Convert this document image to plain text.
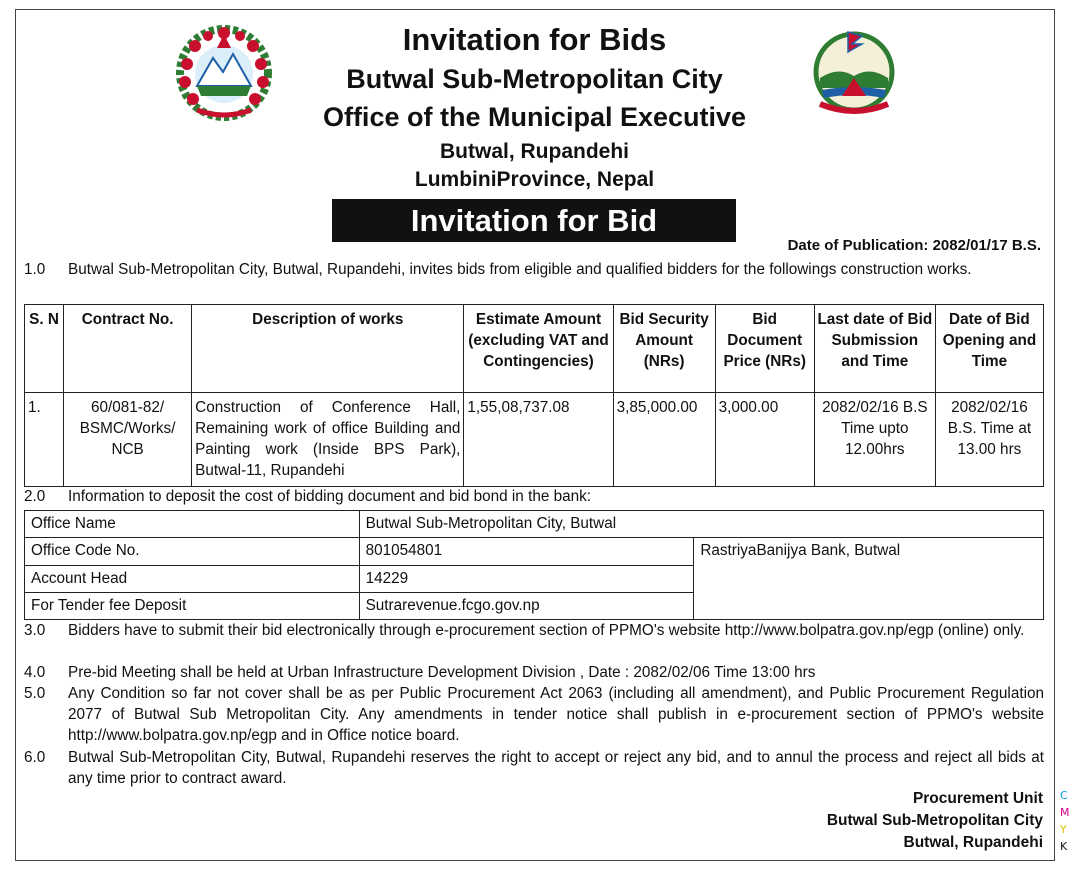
Invitation for Bids
Butwal Sub-Metropolitan City
Office of the Municipal Executive
Butwal, Rupandehi
LumbiniProvince, Nepal
Invitation for Bid
Date of Publication: 2082/01/17 B.S.
1.0 Butwal Sub-Metropolitan City, Butwal, Rupandehi, invites bids from eligible and qualified bidders for the followings construction works.
S. N	Contract No.	Description of works	Estimate Amount (excluding VAT and Contingencies)	Bid Security Amount (NRs)	Bid Document Price (NRs)	Last date of Bid Submission and Time	Date of Bid Opening and Time
1.	60/081-82/ BSMC/Works/ NCB	Construction of Conference Hall, Remaining work of office Building and Painting work (Inside BPS Park), Butwal-11, Rupandehi	1,55,08,737.08	3,85,000.00	3,000.00	2082/02/16 B.S Time upto 12.00hrs	2082/02/16 B.S. Time at 13.00 hrs
2.0 Information to deposit the cost of bidding document and bid bond in the bank:
Office Name	Butwal Sub-Metropolitan City, Butwal	
Office Code No.	801054801	RastriyaBanijya Bank, Butwal
Account Head	14229	
For Tender fee Deposit	Sutrarevenue.fcgo.gov.np	
3.0 Bidders have to submit their bid electronically through e-procurement section of PPMO's website http://www.bolpatra.gov.np/egp (online) only.
4.0 Pre-bid Meeting shall be held at Urban Infrastructure Development Division , Date : 2082/02/06 Time 13:00 hrs
5.0 Any Condition so far not cover shall be as per Public Procurement Act 2063 (including all amendment), and Public Procurement Regulation 2077 of Butwal Sub Metropolitan City. Any amendments in tender notice shall publish in e-procurement section of PPMO's website http://www.bolpatra.gov.np/egp and in Office notice board.
6.0 Butwal Sub-Metropolitan City, Butwal, Rupandehi reserves the right to accept or reject any bid, and to annul the process and reject all bids at any time prior to contract award.
Procurement Unit
Butwal Sub-Metropolitan City
Butwal, Rupandehi
C
M
Y
K
